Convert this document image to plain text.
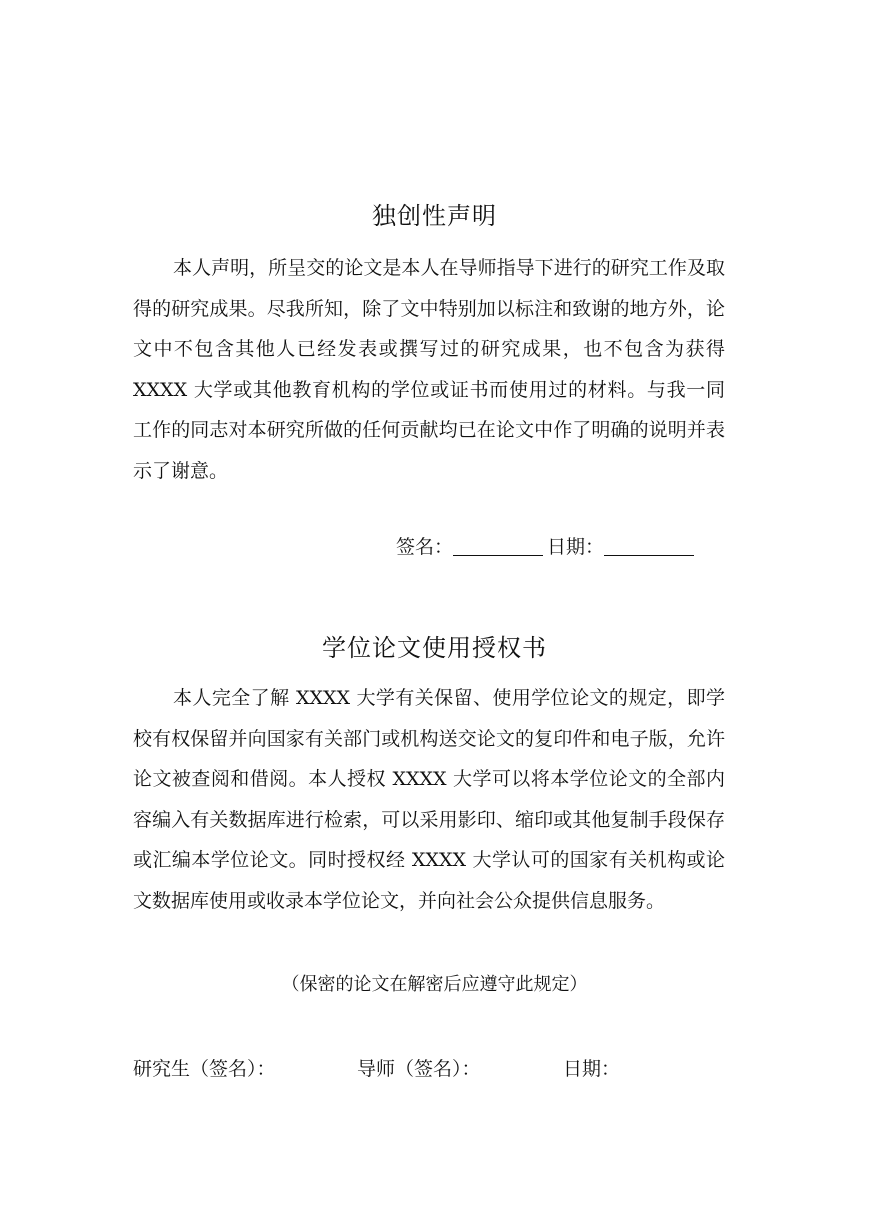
独创性声明

本人声明，所呈交的论文是本人在导师指导下进行的研究工作及取得的研究成果。尽我所知，除了文中特别加以标注和致谢的地方外，论文中不包含其他人已经发表或撰写过的研究成果，也不包含为获得 XXXX 大学或其他教育机构的学位或证书而使用过的材料。与我一同工作的同志对本研究所做的任何贡献均已在论文中作了明确的说明并表示了谢意。

签名：	日期：
学位论文使用授权书

本人完全了解 XXXX 大学有关保留、使用学位论文的规定，即学校有权保留并向国家有关部门或机构送交论文的复印件和电子版，允许论文被查阅和借阅。本人授权 XXXX 大学可以将本学位论文的全部内容编入有关数据库进行检索，可以采用影印、缩印或其他复制手段保存或汇编本学位论文。同时授权经 XXXX 大学认可的国家有关机构或论文数据库使用或收录本学位论文，并向社会公众提供信息服务。

（保密的论文在解密后应遵守此规定）
研究生（签名）：	导师（签名）：	日期：
